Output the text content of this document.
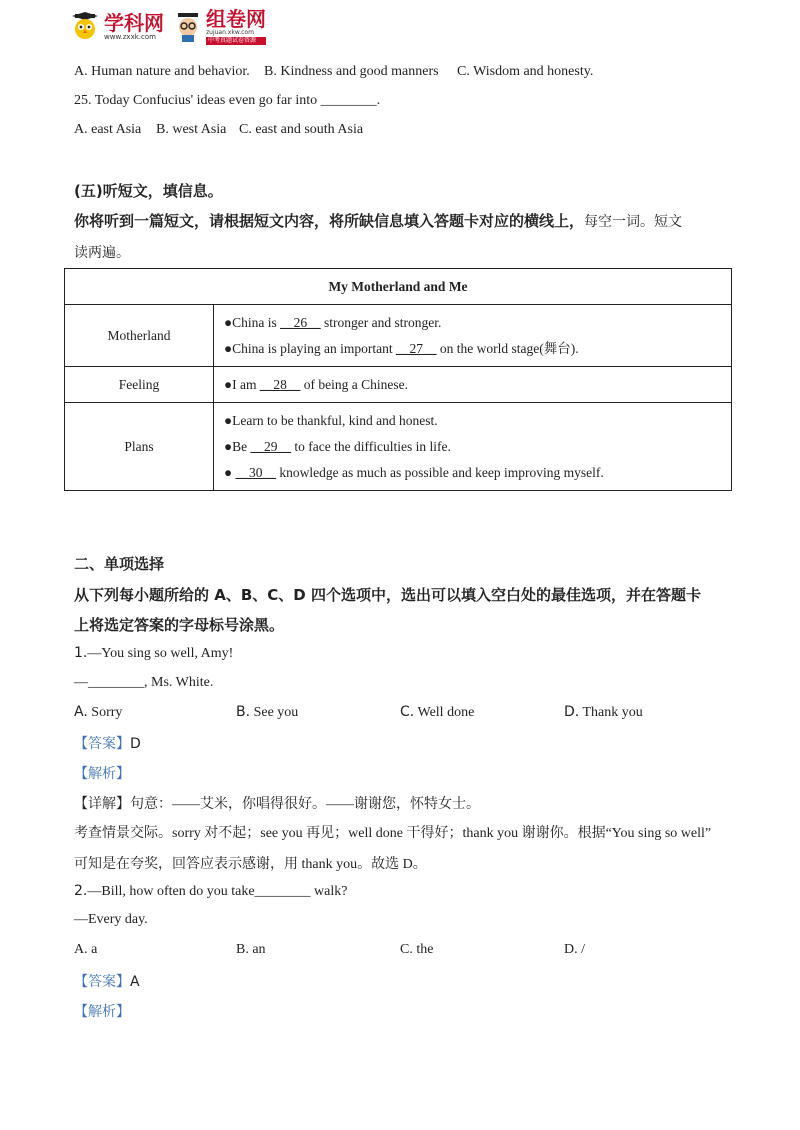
学科网
www.zxxk.com
组卷网
zujuan.xkw.com
中考真题试卷资源
A. Human nature and behavior. B. Kindness and good manners C. Wisdom and honesty.
25. Today Confucius' ideas even go far into ________.
A. east Asia B. west Asia C. east and south Asia
(五)听短文，填信息。
你将听到一篇短文，请根据短文内容，将所缺信息填入答题卡对应的横线上，每空一词。短文
读两遍。
My Motherland and Me	
Motherland	●China is __26__ stronger and stronger.
●China is playing an important __27__ on the world stage(舞台).

Feeling	●I am __28__ of being a Chinese.

Plans	●Learn to be thankful, kind and honest.
●Be __29__ to face the difficulties in life.
● __30__ knowledge as much as possible and keep improving myself.
二、单项选择
从下列每小题所给的 A、B、C、D 四个选项中，选出可以填入空白处的最佳选项，并在答题卡
上将选定答案的字母标号涂黑。
1.—You sing so well, Amy!
—________, Ms. White.
A. Sorry	B. See you	C. Well done	D. Thank you
【答案】D
【解析】
【详解】句意：——艾米，你唱得很好。——谢谢您，怀特女士。
考查情景交际。sorry 对不起；see you 再见；well done 干得好；thank you 谢谢你。根据“You sing so well”
可知是在夸奖，回答应表示感谢，用 thank you。故选 D。
2.—Bill, how often do you take________ walk?
—Every day.
A. a	B. an	C. the	D. /
【答案】A
【解析】
